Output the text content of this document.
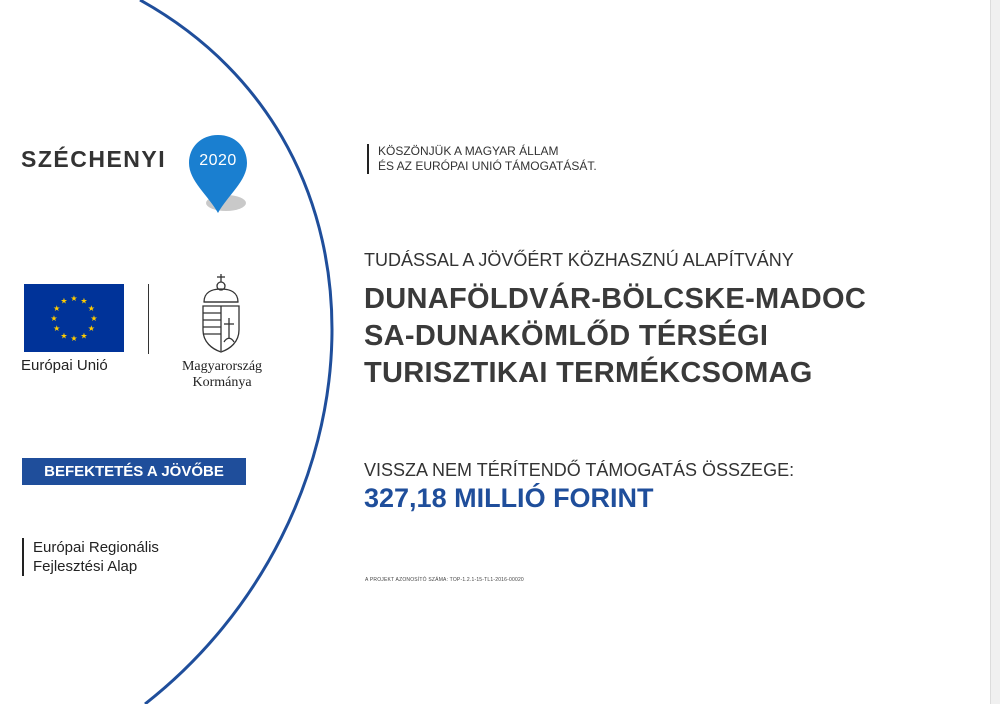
SZÉCHENYI	2020
★ ★
★
★
★
★
★
★
★
★
★
★
Európai Unió	Magyarország
Kormánya
BEFEKTETÉS A JÖVŐBE
Európai Regionális
Fejlesztési Alap
KÖSZÖNJÜK A MAGYAR ÁLLAM
ÉS AZ EURÓPAI UNIÓ TÁMOGATÁSÁT.
TUDÁSSAL A JÖVŐÉRT KÖZHASZNÚ ALAPÍTVÁNY
DUNAFÖLDVÁR-BÖLCSKE-MADOC
SA-DUNAKÖMLŐD TÉRSÉGI
TURISZTIKAI TERMÉKCSOMAG
VISSZA NEM TÉRÍTENDŐ TÁMOGATÁS ÖSSZEGE:
327,18 MILLIÓ FORINT
A PROJEKT AZONOSÍTÓ SZÁMA: TOP-1.2.1-15-TL1-2016-00020
